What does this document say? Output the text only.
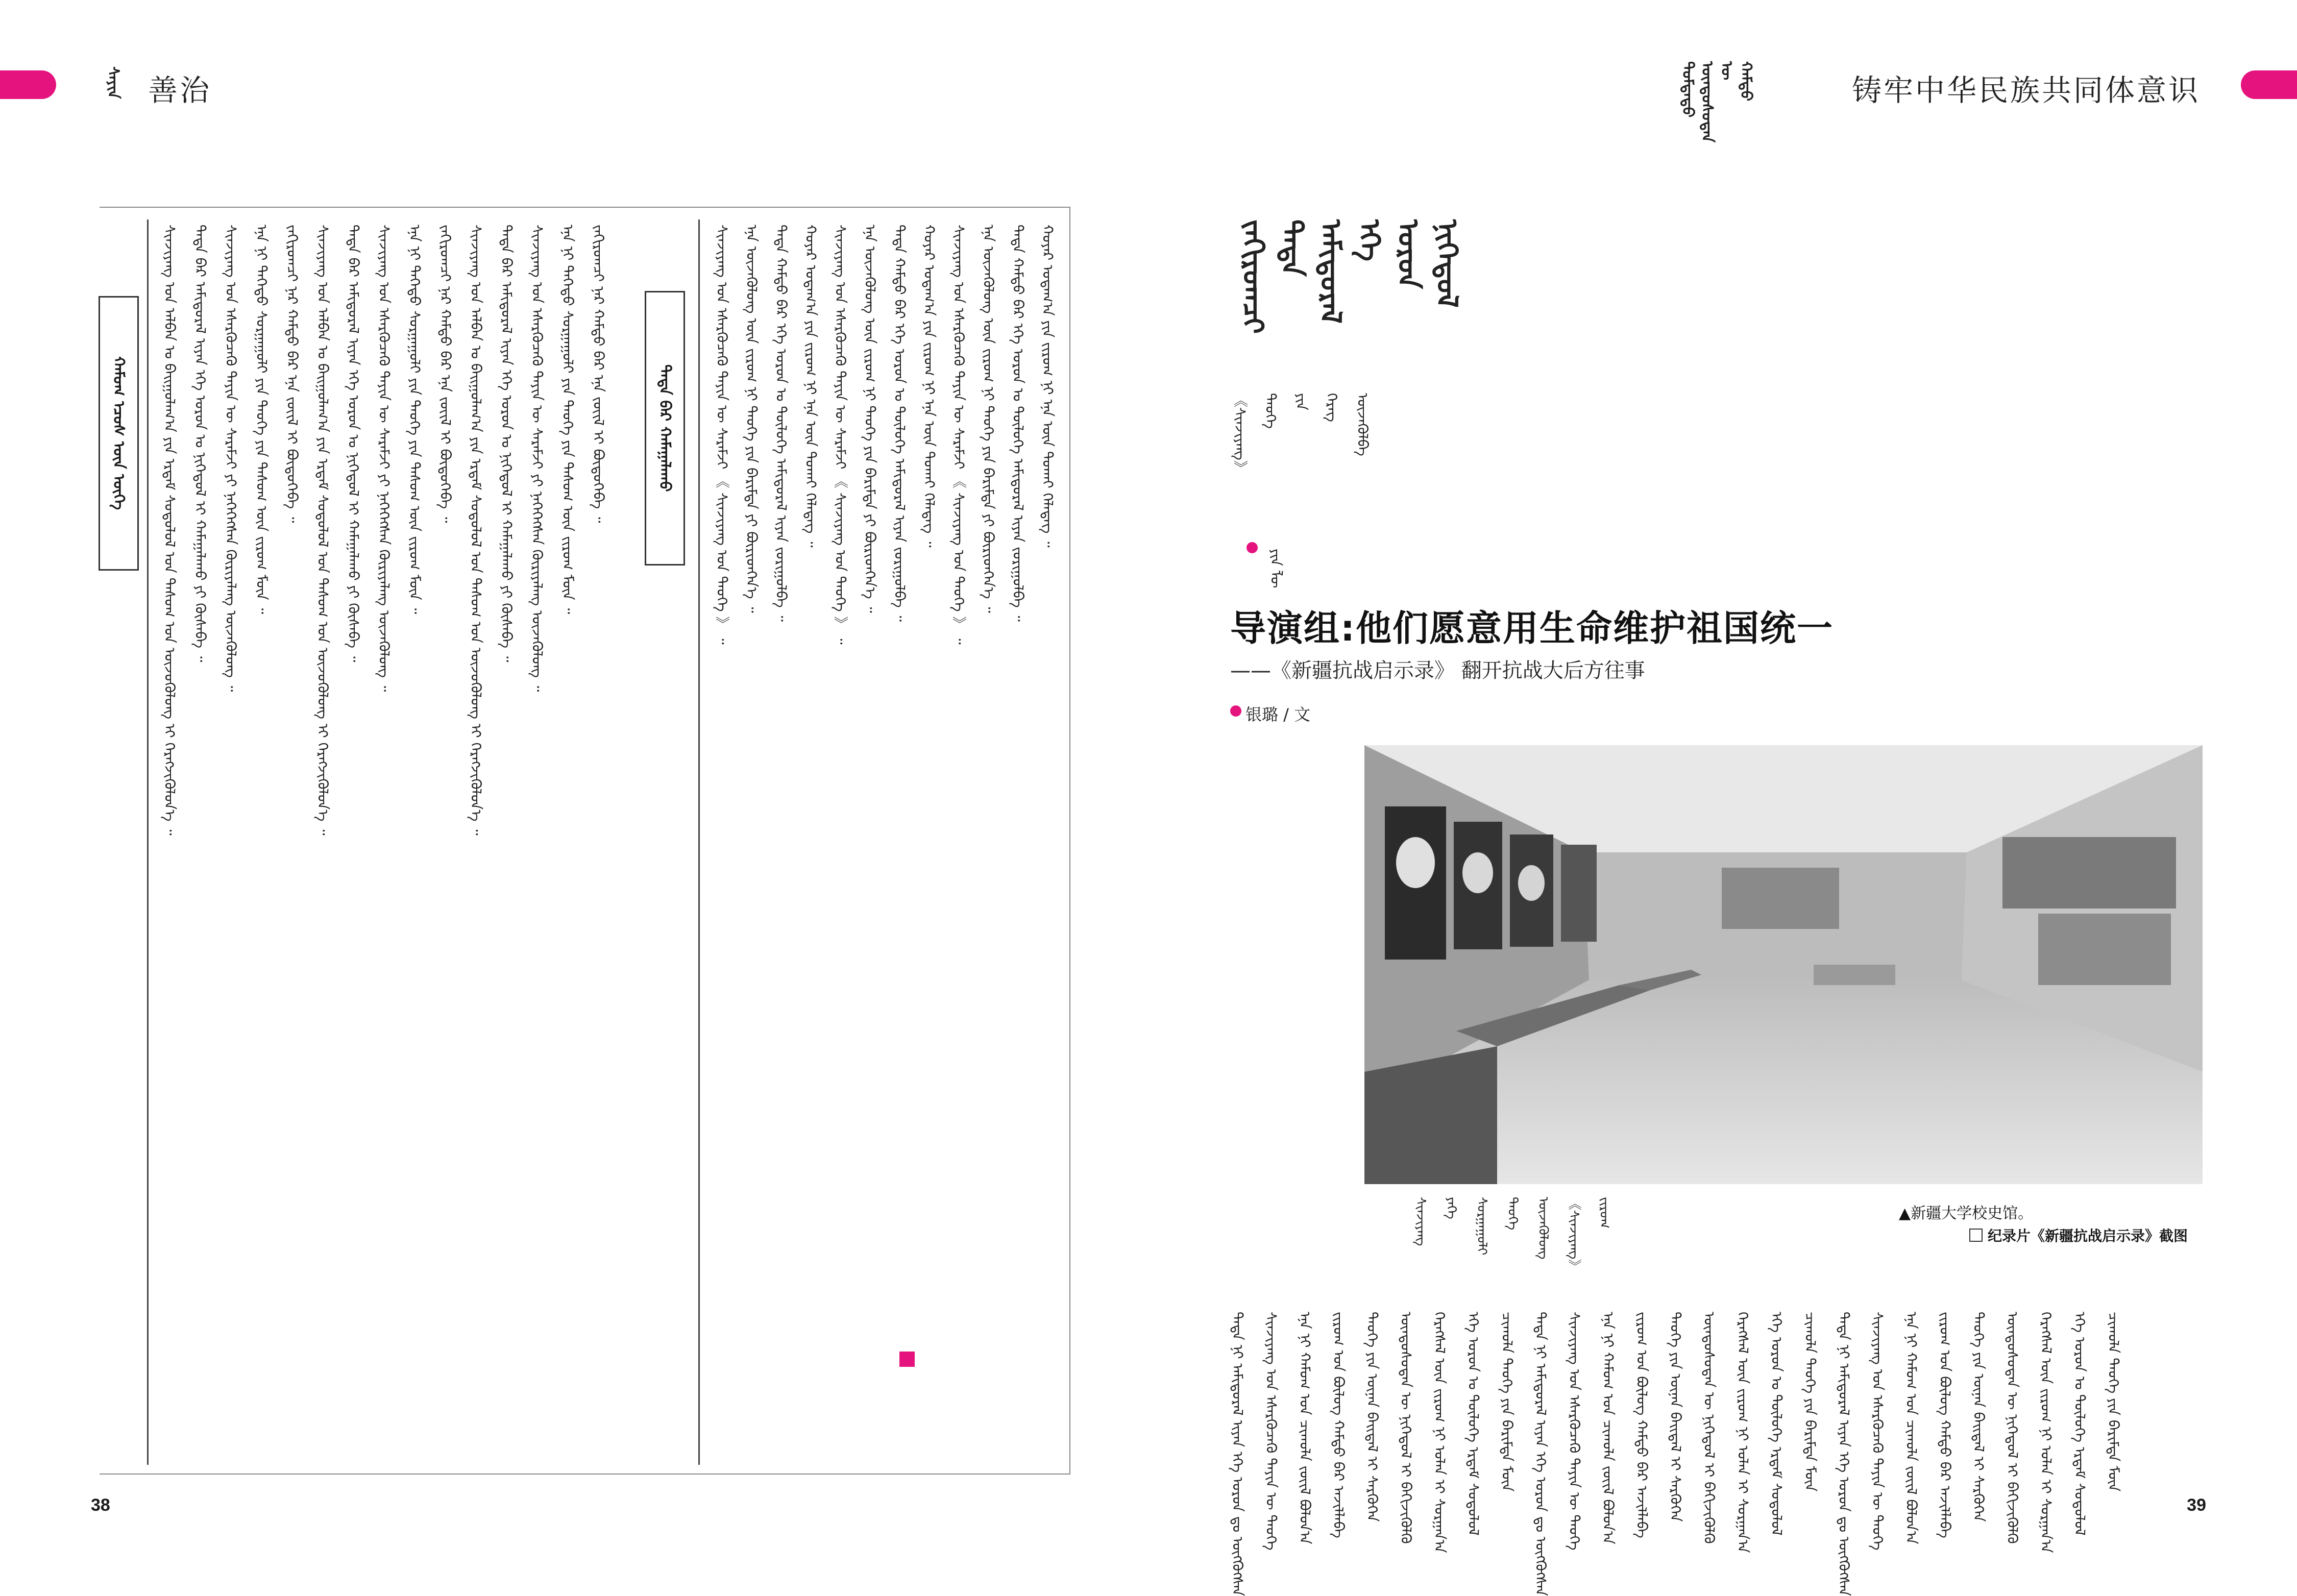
ᠰᠠᠶᠢᠨ 善治
ᠬᠠᠮᠤᠭ ᠡᠴᠦᠰ ᠦᠨ ᠦᠭᠡ	ᠲᠡᠳᠡ ᠪᠠᠷ ᠬᠠᠮᠠᠭᠠᠯᠠᠬᠤ
ᠰᠢᠨᠵᠢᠶᠠᠩ ᠤᠨ ᠠᠯᠪᠠᠨ ᠤ ᠪᠠᠢᠭᠤᠯᠠᠭ᠎ᠠ ᠶᠢᠨ ᠡᠷᠳᠡᠮ ᠰᠤᠳᠤᠯᠤᠯ ᠤᠨ ᠲᠠᠰᠤᠭ ᠤᠨ ᠦᠵᠦᠭᠦᠯᠦᠩ ᠢ ᠬᠡᠷᠡᠭᠵᠢᠭᠦᠯᠦᠨ᠎ᠡ ᠃ ᠲᠡᠳᠡ ᠪᠠᠷ ᠠᠮᠢᠳᠤᠷᠠᠯ ᠢᠶᠠᠨ ᠡᠬᠡ ᠣᠷᠣᠨ ᠤ ᠨᠢᠭᠡᠳᠦᠯ ᠢ ᠬᠠᠮᠠᠭᠠᠯᠠᠬᠤ ᠶᠢ ᠬᠦᠰᠡᠪᠡ ᠃ ᠰᠢᠨᠵᠢᠶᠠᠩ ᠤᠨ ᠡᠰᠡᠷᠭᠦᠴᠡᠭᠦ ᠳᠠᠶᠢᠨ ᠦ ᠰᠡᠷᠡᠮᠵᠢ ᠶᠢ ᠨᠡᠭᠡᠭᠡᠭᠰᠡᠨ ᠬᠦᠷᠢᠶᠡᠯᠡᠩ ᠦᠵᠡᠭᠦᠯᠦᠩ ᠃ ᠡᠨᠡ ᠨᠢ ᠳᠡᠭᠡᠳᠦ ᠰᠤᠷᠭᠠᠭᠤᠯᠢ ᠶᠢᠨ ᠲᠡᠦᠬᠡ ᠶᠢᠨ ᠲᠠᠰᠤᠭ ᠦᠨ ᠵᠢᠷᠤᠭ ᠮᠥᠨ ᠃ ᠵᠠᠬᠢᠷᠤᠭᠴᠢ ᠨᠠᠷ ᠬᠠᠮᠲᠤ ᠪᠡᠷ ᠡᠨᠡ ᠵᠦᠢᠯ ᠢ ᠪᠦᠲᠦᠭᠡᠪᠡ ᠃ ᠰᠢᠨᠵᠢᠶᠠᠩ ᠤᠨ ᠠᠯᠪᠠᠨ ᠤ ᠪᠠᠢᠭᠤᠯᠠᠭ᠎ᠠ ᠶᠢᠨ ᠡᠷᠳᠡᠮ ᠰᠤᠳᠤᠯᠤᠯ ᠤᠨ ᠲᠠᠰᠤᠭ ᠤᠨ ᠦᠵᠦᠭᠦᠯᠦᠩ ᠢ ᠬᠡᠷᠡᠭᠵᠢᠭᠦᠯᠦᠨ᠎ᠡ ᠃ ᠲᠡᠳᠡ ᠪᠠᠷ ᠠᠮᠢᠳᠤᠷᠠᠯ ᠢᠶᠠᠨ ᠡᠬᠡ ᠣᠷᠣᠨ ᠤ ᠨᠢᠭᠡᠳᠦᠯ ᠢ ᠬᠠᠮᠠᠭᠠᠯᠠᠬᠤ ᠶᠢ ᠬᠦᠰᠡᠪᠡ ᠃ ᠰᠢᠨᠵᠢᠶᠠᠩ ᠤᠨ ᠡᠰᠡᠷᠭᠦᠴᠡᠭᠦ ᠳᠠᠶᠢᠨ ᠦ ᠰᠡᠷᠡᠮᠵᠢ ᠶᠢ ᠨᠡᠭᠡᠭᠡᠭᠰᠡᠨ ᠬᠦᠷᠢᠶᠡᠯᠡᠩ ᠦᠵᠡᠭᠦᠯᠦᠩ ᠃ ᠡᠨᠡ ᠨᠢ ᠳᠡᠭᠡᠳᠦ ᠰᠤᠷᠭᠠᠭᠤᠯᠢ ᠶᠢᠨ ᠲᠡᠦᠬᠡ ᠶᠢᠨ ᠲᠠᠰᠤᠭ ᠦᠨ ᠵᠢᠷᠤᠭ ᠮᠥᠨ ᠃ ᠵᠠᠬᠢᠷᠤᠭᠴᠢ ᠨᠠᠷ ᠬᠠᠮᠲᠤ ᠪᠡᠷ ᠡᠨᠡ ᠵᠦᠢᠯ ᠢ ᠪᠦᠲᠦᠭᠡᠪᠡ ᠃ ᠰᠢᠨᠵᠢᠶᠠᠩ ᠤᠨ ᠠᠯᠪᠠᠨ ᠤ ᠪᠠᠢᠭᠤᠯᠠᠭ᠎ᠠ ᠶᠢᠨ ᠡᠷᠳᠡᠮ ᠰᠤᠳᠤᠯᠤᠯ ᠤᠨ ᠲᠠᠰᠤᠭ ᠤᠨ ᠦᠵᠦᠭᠦᠯᠦᠩ ᠢ ᠬᠡᠷᠡᠭᠵᠢᠭᠦᠯᠦᠨ᠎ᠡ ᠃ ᠲᠡᠳᠡ ᠪᠠᠷ ᠠᠮᠢᠳᠤᠷᠠᠯ ᠢᠶᠠᠨ ᠡᠬᠡ ᠣᠷᠣᠨ ᠤ ᠨᠢᠭᠡᠳᠦᠯ ᠢ ᠬᠠᠮᠠᠭᠠᠯᠠᠬᠤ ᠶᠢ ᠬᠦᠰᠡᠪᠡ ᠃ ᠰᠢᠨᠵᠢᠶᠠᠩ ᠤᠨ ᠡᠰᠡᠷᠭᠦᠴᠡᠭᠦ ᠳᠠᠶᠢᠨ ᠦ ᠰᠡᠷᠡᠮᠵᠢ ᠶᠢ ᠨᠡᠭᠡᠭᠡᠭᠰᠡᠨ ᠬᠦᠷᠢᠶᠡᠯᠡᠩ ᠦᠵᠡᠭᠦᠯᠦᠩ ᠃ ᠡᠨᠡ ᠨᠢ ᠳᠡᠭᠡᠳᠦ ᠰᠤᠷᠭᠠᠭᠤᠯᠢ ᠶᠢᠨ ᠲᠡᠦᠬᠡ ᠶᠢᠨ ᠲᠠᠰᠤᠭ ᠦᠨ ᠵᠢᠷᠤᠭ ᠮᠥᠨ ᠃ ᠵᠠᠬᠢᠷᠤᠭᠴᠢ ᠨᠠᠷ ᠬᠠᠮᠲᠤ ᠪᠡᠷ ᠡᠨᠡ ᠵᠦᠢᠯ ᠢ ᠪᠦᠲᠦᠭᠡᠪᠡ ᠃	ᠰᠢᠨᠵᠢᠶᠠᠩ ᠤᠨ ᠡᠰᠡᠷᠭᠦᠴᠡᠭᠦ ᠳᠠᠶᠢᠨ ᠦ ᠰᠡᠷᠡᠮᠵᠢ 《 ᠰᠢᠨᠵᠢᠶᠠᠩ ᠤᠨ ᠲᠡᠦᠬᠡ 》 ᠃ ᠡᠨᠡ ᠦᠵᠡᠭᠦᠯᠦᠩ ᠦᠨ ᠵᠢᠷᠤᠭ ᠨᠢ ᠲᠡᠦᠬᠡ ᠶᠢᠨ ᠪᠠᠷᠢᠮᠲᠠ ᠶᠢ ᠪᠦᠷᠢᠳᠬᠡᠨ᠎ᠡ ᠃ ᠲᠡᠳᠡ ᠬᠠᠮᠲᠤ ᠪᠡᠷ ᠡᠬᠡ ᠣᠷᠣᠨ ᠤ ᠲᠥᠯᠦᠭᠡ ᠠᠮᠢᠳᠤᠷᠠᠯ ᠢᠶᠠᠨ ᠵᠣᠷᠢᠭᠤᠯᠪᠠ ᠃ ᠬᠣᠶᠠᠷ ᠤᠳᠠᠭ᠎ᠠ ᠶᠢᠨ ᠵᠢᠷᠤᠭ ᠨᠢ ᠡᠨᠡ ᠦᠨ ᠲᠤᠬᠠᠢ ᠬᠡᠯᠡᠳᠡᠭ ᠃ ᠰᠢᠨᠵᠢᠶᠠᠩ ᠤᠨ ᠡᠰᠡᠷᠭᠦᠴᠡᠭᠦ ᠳᠠᠶᠢᠨ ᠦ ᠰᠡᠷᠡᠮᠵᠢ 《 ᠰᠢᠨᠵᠢᠶᠠᠩ ᠤᠨ ᠲᠡᠦᠬᠡ 》 ᠃ ᠡᠨᠡ ᠦᠵᠡᠭᠦᠯᠦᠩ ᠦᠨ ᠵᠢᠷᠤᠭ ᠨᠢ ᠲᠡᠦᠬᠡ ᠶᠢᠨ ᠪᠠᠷᠢᠮᠲᠠ ᠶᠢ ᠪᠦᠷᠢᠳᠬᠡᠨ᠎ᠡ ᠃ ᠲᠡᠳᠡ ᠬᠠᠮᠲᠤ ᠪᠡᠷ ᠡᠬᠡ ᠣᠷᠣᠨ ᠤ ᠲᠥᠯᠦᠭᠡ ᠠᠮᠢᠳᠤᠷᠠᠯ ᠢᠶᠠᠨ ᠵᠣᠷᠢᠭᠤᠯᠪᠠ ᠃ ᠬᠣᠶᠠᠷ ᠤᠳᠠᠭ᠎ᠠ ᠶᠢᠨ ᠵᠢᠷᠤᠭ ᠨᠢ ᠡᠨᠡ ᠦᠨ ᠲᠤᠬᠠᠢ ᠬᠡᠯᠡᠳᠡᠭ ᠃ ᠰᠢᠨᠵᠢᠶᠠᠩ ᠤᠨ ᠡᠰᠡᠷᠭᠦᠴᠡᠭᠦ ᠳᠠᠶᠢᠨ ᠦ ᠰᠡᠷᠡᠮᠵᠢ 《 ᠰᠢᠨᠵᠢᠶᠠᠩ ᠤᠨ ᠲᠡᠦᠬᠡ 》 ᠃ ᠡᠨᠡ ᠦᠵᠡᠭᠦᠯᠦᠩ ᠦᠨ ᠵᠢᠷᠤᠭ ᠨᠢ ᠲᠡᠦᠬᠡ ᠶᠢᠨ ᠪᠠᠷᠢᠮᠲᠠ ᠶᠢ ᠪᠦᠷᠢᠳᠬᠡᠨ᠎ᠡ ᠃ ᠲᠡᠳᠡ ᠬᠠᠮᠲᠤ ᠪᠡᠷ ᠡᠬᠡ ᠣᠷᠣᠨ ᠤ ᠲᠥᠯᠦᠭᠡ ᠠᠮᠢᠳᠤᠷᠠᠯ ᠢᠶᠠᠨ ᠵᠣᠷᠢᠭᠤᠯᠪᠠ ᠃ ᠬᠣᠶᠠᠷ ᠤᠳᠠᠭ᠎ᠠ ᠶᠢᠨ ᠵᠢᠷᠤᠭ ᠨᠢ ᠡᠨᠡ ᠦᠨ ᠲᠤᠬᠠᠢ ᠬᠡᠯᠡᠳᠡᠭ ᠃
38
ᠳᠤᠮᠳᠠᠳᠤ ᠦᠨᠳᠦᠰᠦᠲᠡᠨ ᠦ ᠬᠠᠮᠲᠤ	铸牢中华民族共同体意识
ᠵᠠᠬᠢᠷᠤᠭᠴᠢ ᠲᠡᠳᠡ ᠠᠮᠢᠳᠤᠷᠠᠯ ᠡᠬᠡ ᠣᠷᠣᠨ ᠨᠢᠭᠡᠳᠦᠯ
《ᠰᠢᠨᠵᠢᠶᠠᠩ》 ᠲᠡᠦᠬᠡ ᠶᠢᠨ ᠬᠡᠷᠡᠭ ᠦᠵᠡᠭᠦᠯᠪᠡ
ᠶᠢᠨ ᠯᠦ
导演组:他们愿意用生命维护祖国统一
——《新疆抗战启示录》 翻开抗战大后方往事
银璐 / 文
▲新疆大学校史馆。
纪录片《新疆抗战启示录》截图
ᠰᠢᠨᠵᠢᠶᠠᠩ	ᠶᠡᠬᠡ	ᠰᠤᠷᠭᠠᠭᠤᠯᠢ	ᠲᠡᠦᠬᠡ	ᠦᠵᠡᠭᠦᠯᠦᠩ	《ᠰᠢᠨᠵᠢᠶᠠᠩ》	ᠵᠢᠷᠤᠭ
ᠲᠡᠳᠡ ᠨᠢ ᠠᠮᠢᠳᠤᠷᠠᠯ ᠢᠶᠠᠨ ᠡᠬᠡ ᠣᠷᠣᠨ ᠳᠤ ᠥᠭᠭᠦᠭᠰᠡᠨ ᠰᠢᠨᠵᠢᠶᠠᠩ ᠤᠨ ᠡᠰᠡᠷᠭᠦᠴᠡᠭᠦ ᠳᠠᠶᠢᠨ ᠦ ᠲᠡᠦᠬᠡ ᠡᠨᠡ ᠨᠢ ᠬᠠᠮᠤᠭ ᠤᠨ ᠴᠢᠬᠤᠯᠠ ᠵᠦᠢᠯ ᠪᠣᠯᠤᠨ᠎ᠠ ᠵᠢᠷᠤᠭ ᠤᠨ ᠪᠦᠯᠦᠭ ᠬᠠᠮᠲᠤ ᠪᠡᠷ ᠠᠵᠢᠯᠯᠠᠪᠠ ᠲᠡᠦᠬᠡ ᠶᠢᠨ ᠦᠨᠡᠨ ᠪᠠᠢᠳᠠᠯ ᠢ ᠰᠡᠷᠭᠦᠭᠡᠨ ᠦᠨᠳᠦᠰᠦᠲᠡᠨ ᠦ ᠨᠢᠭᠡᠳᠦᠯ ᠢ ᠪᠡᠬᠢᠵᠢᠭᠦᠯᠬᠦ ᠬᠡᠷᠡᠭᠰᠡᠯ ᠦᠨ ᠵᠢᠷᠤᠭ ᠨᠢ ᠣᠯᠠᠨ ᠢ ᠰᠤᠷᠭᠠᠨ᠎ᠠ ᠡᠬᠡ ᠣᠷᠣᠨ ᠤ ᠲᠥᠯᠦᠭᠡ ᠡᠷᠳᠡᠮ ᠰᠤᠳᠤᠯᠤᠯ ᠴᠢᠬᠤᠯᠠ ᠲᠡᠦᠬᠡ ᠶᠢᠨ ᠪᠠᠷᠢᠮᠲᠠ ᠮᠥᠨ ᠲᠡᠳᠡ ᠨᠢ ᠠᠮᠢᠳᠤᠷᠠᠯ ᠢᠶᠠᠨ ᠡᠬᠡ ᠣᠷᠣᠨ ᠳᠤ ᠥᠭᠭᠦᠭᠰᠡᠨ ᠰᠢᠨᠵᠢᠶᠠᠩ ᠤᠨ ᠡᠰᠡᠷᠭᠦᠴᠡᠭᠦ ᠳᠠᠶᠢᠨ ᠦ ᠲᠡᠦᠬᠡ ᠡᠨᠡ ᠨᠢ ᠬᠠᠮᠤᠭ ᠤᠨ ᠴᠢᠬᠤᠯᠠ ᠵᠦᠢᠯ ᠪᠣᠯᠤᠨ᠎ᠠ ᠵᠢᠷᠤᠭ ᠤᠨ ᠪᠦᠯᠦᠭ ᠬᠠᠮᠲᠤ ᠪᠡᠷ ᠠᠵᠢᠯᠯᠠᠪᠠ ᠲᠡᠦᠬᠡ ᠶᠢᠨ ᠦᠨᠡᠨ ᠪᠠᠢᠳᠠᠯ ᠢ ᠰᠡᠷᠭᠦᠭᠡᠨ ᠦᠨᠳᠦᠰᠦᠲᠡᠨ ᠦ ᠨᠢᠭᠡᠳᠦᠯ ᠢ ᠪᠡᠬᠢᠵᠢᠭᠦᠯᠬᠦ ᠬᠡᠷᠡᠭᠰᠡᠯ ᠦᠨ ᠵᠢᠷᠤᠭ ᠨᠢ ᠣᠯᠠᠨ ᠢ ᠰᠤᠷᠭᠠᠨ᠎ᠠ ᠡᠬᠡ ᠣᠷᠣᠨ ᠤ ᠲᠥᠯᠦᠭᠡ ᠡᠷᠳᠡᠮ ᠰᠤᠳᠤᠯᠤᠯ ᠴᠢᠬᠤᠯᠠ ᠲᠡᠦᠬᠡ ᠶᠢᠨ ᠪᠠᠷᠢᠮᠲᠠ ᠮᠥᠨ ᠲᠡᠳᠡ ᠨᠢ ᠠᠮᠢᠳᠤᠷᠠᠯ ᠢᠶᠠᠨ ᠡᠬᠡ ᠣᠷᠣᠨ ᠳᠤ ᠥᠭᠭᠦᠭᠰᠡᠨ ᠰᠢᠨᠵᠢᠶᠠᠩ ᠤᠨ ᠡᠰᠡᠷᠭᠦᠴᠡᠭᠦ ᠳᠠᠶᠢᠨ ᠦ ᠲᠡᠦᠬᠡ ᠡᠨᠡ ᠨᠢ ᠬᠠᠮᠤᠭ ᠤᠨ ᠴᠢᠬᠤᠯᠠ ᠵᠦᠢᠯ ᠪᠣᠯᠤᠨ᠎ᠠ ᠵᠢᠷᠤᠭ ᠤᠨ ᠪᠦᠯᠦᠭ ᠬᠠᠮᠲᠤ ᠪᠡᠷ ᠠᠵᠢᠯᠯᠠᠪᠠ ᠲᠡᠦᠬᠡ ᠶᠢᠨ ᠦᠨᠡᠨ ᠪᠠᠢᠳᠠᠯ ᠢ ᠰᠡᠷᠭᠦᠭᠡᠨ ᠦᠨᠳᠦᠰᠦᠲᠡᠨ ᠦ ᠨᠢᠭᠡᠳᠦᠯ ᠢ ᠪᠡᠬᠢᠵᠢᠭᠦᠯᠬᠦ ᠬᠡᠷᠡᠭᠰᠡᠯ ᠦᠨ ᠵᠢᠷᠤᠭ ᠨᠢ ᠣᠯᠠᠨ ᠢ ᠰᠤᠷᠭᠠᠨ᠎ᠠ ᠡᠬᠡ ᠣᠷᠣᠨ ᠤ ᠲᠥᠯᠦᠭᠡ ᠡᠷᠳᠡᠮ ᠰᠤᠳᠤᠯᠤᠯ ᠴᠢᠬᠤᠯᠠ ᠲᠡᠦᠬᠡ ᠶᠢᠨ ᠪᠠᠷᠢᠮᠲᠠ ᠮᠥᠨ
39
